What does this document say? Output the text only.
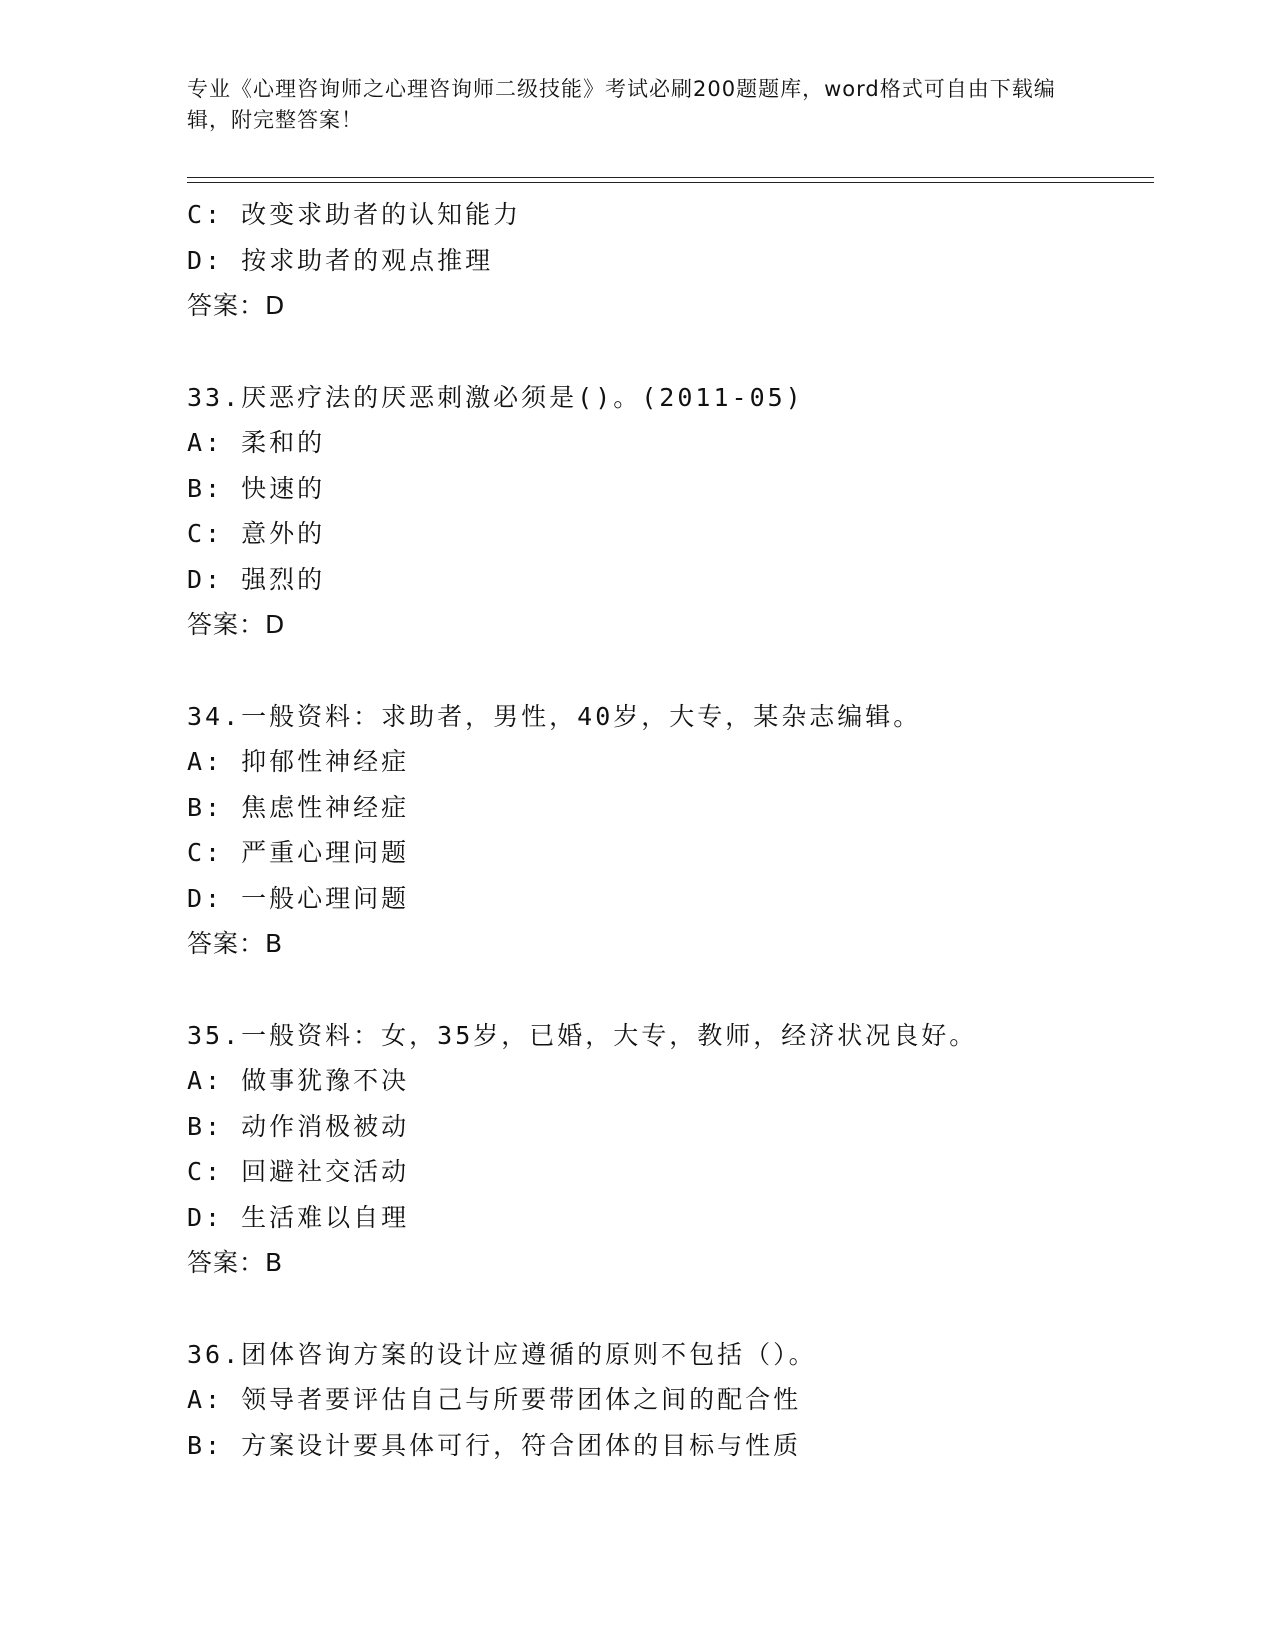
专业《心理咨询师之心理咨询师二级技能》考试必刷200题题库，word格式可自由下载编辑，附完整答案！
C: 改变求助者的认知能力
D: 按求助者的观点推理
答案：D
33.厌恶疗法的厌恶刺激必须是()。(2011-05)
A: 柔和的
B: 快速的
C: 意外的
D: 强烈的
答案：D
34.一般资料：求助者，男性，40岁，大专，某杂志编辑。
A: 抑郁性神经症
B: 焦虑性神经症
C: 严重心理问题
D: 一般心理问题
答案：B
35.一般资料：女，35岁，已婚，大专，教师，经济状况良好。
A: 做事犹豫不决
B: 动作消极被动
C: 回避社交活动
D: 生活难以自理
答案：B
36.团体咨询方案的设计应遵循的原则不包括（）。
A: 领导者要评估自己与所要带团体之间的配合性
B: 方案设计要具体可行，符合团体的目标与性质
